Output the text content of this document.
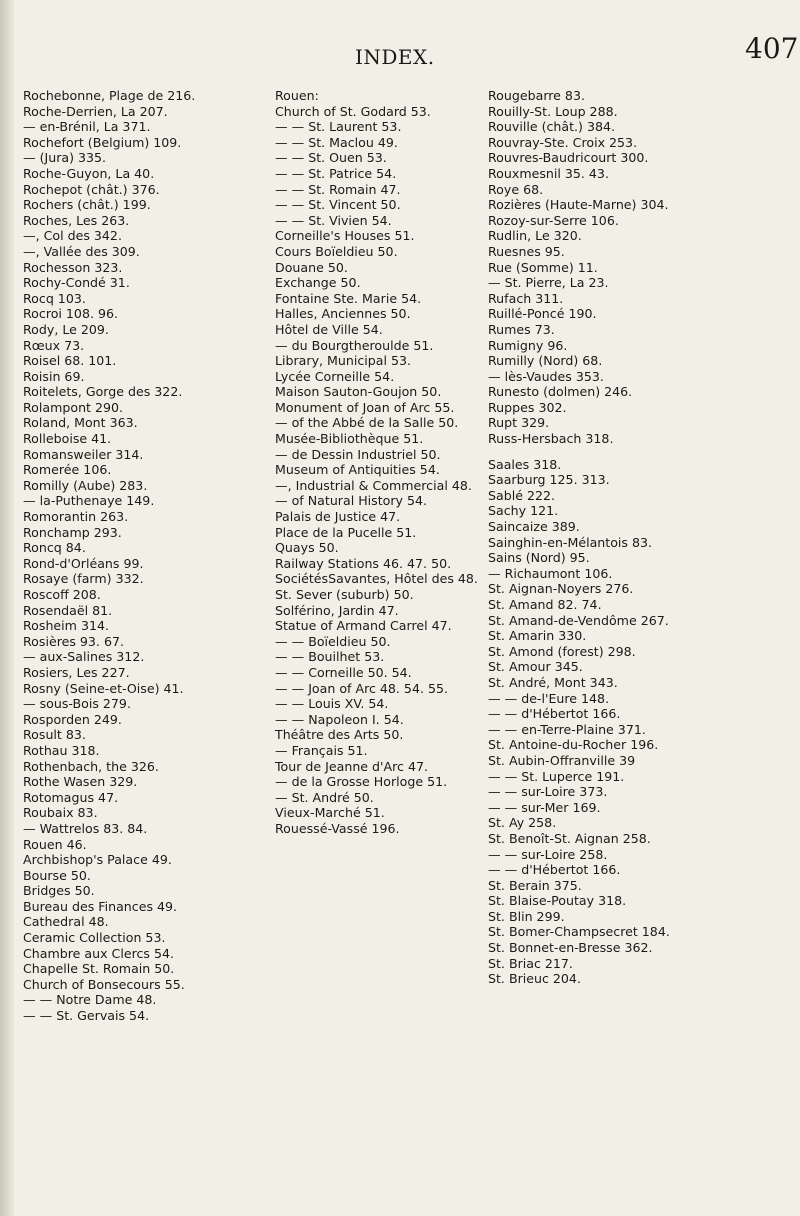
INDEX.	407

Rochebonne, Plage de 216.

Roche-Derrien, La 207.

— en-Brénil, La 371.

Rochefort (Belgium) 109.

— (Jura) 335.

Roche-Guyon, La 40.

Rochepot (chât.) 376.

Rochers (chât.) 199.

Roches, Les 263.

—, Col des 342.

—, Vallée des 309.

Rochesson 323.

Rochy-Condé 31.

Rocq 103.

Rocroi 108. 96.

Rody, Le 209.

Rœux 73.

Roisel 68. 101.

Roisin 69.

Roitelets, Gorge des 322.

Rolampont 290.

Roland, Mont 363.

Rolleboise 41.

Romansweiler 314.

Romerée 106.

Romilly (Aube) 283.

— la-Puthenaye 149.

Romorantin 263.

Ronchamp 293.

Roncq 84.

Rond-d'Orléans 99.

Rosaye (farm) 332.

Roscoff 208.

Rosendaël 81.

Rosheim 314.

Rosières 93. 67.

— aux-Salines 312.

Rosiers, Les 227.

Rosny (Seine-et-Oise) 41.

— sous-Bois 279.

Rosporden 249.

Rosult 83.

Rothau 318.

Rothenbach, the 326.

Rothe Wasen 329.

Rotomagus 47.

Roubaix 83.

— Wattrelos 83. 84.

Rouen 46.

Archbishop's Palace 49.

Bourse 50.

Bridges 50.

Bureau des Finances 49.

Cathedral 48.

Ceramic Collection 53.

Chambre aux Clercs 54.

Chapelle St. Romain 50.

Church of Bonsecours 55.

— — Notre Dame 48.

— — St. Gervais 54.

Rouen:

Church of St. Godard 53.

— — St. Laurent 53.

— — St. Maclou 49.

— — St. Ouen 53.

— — St. Patrice 54.

— — St. Romain 47.

— — St. Vincent 50.

— — St. Vivien 54.

Corneille's Houses 51.

Cours Boïeldieu 50.

Douane 50.

Exchange 50.

Fontaine Ste. Marie 54.

Halles, Anciennes 50.

Hôtel de Ville 54.

— du Bourgtheroulde 51.

Library, Municipal 53.

Lycée Corneille 54.

Maison Sauton-Goujon 50.

Monument of Joan of Arc 55.

— of the Abbé de la Salle 50.

Musée-Bibliothèque 51.

— de Dessin Industriel 50.

Museum of Antiquities 54.

—, Industrial & Commercial 48.

— of Natural History 54.

Palais de Justice 47.

Place de la Pucelle 51.

Quays 50.

Railway Stations 46. 47. 50.

SociétésSavantes, Hôtel des 48.

St. Sever (suburb) 50.

Solférino, Jardin 47.

Statue of Armand Carrel 47.

— — Boïeldieu 50.

— — Bouilhet 53.

— — Corneille 50. 54.

— — Joan of Arc 48. 54. 55.

— — Louis XV. 54.

— — Napoleon I. 54.

Théâtre des Arts 50.

— Français 51.

Tour de Jeanne d'Arc 47.

— de la Grosse Horloge 51.

— St. André 50.

Vieux-Marché 51.

Rouessé-Vassé 196.

Rougebarre 83.

Rouilly-St. Loup 288.

Rouville (chât.) 384.

Rouvray-Ste. Croix 253.

Rouvres-Baudricourt 300.

Rouxmesnil 35. 43.

Roye 68.

Rozières (Haute-Marne) 304.

Rozoy-sur-Serre 106.

Rudlin, Le 320.

Ruesnes 95.

Rue (Somme) 11.

— St. Pierre, La 23.

Rufach 311.

Ruillé-Poncé 190.

Rumes 73.

Rumigny 96.

Rumilly (Nord) 68.

— lès-Vaudes 353.

Runesto (dolmen) 246.

Ruppes 302.

Rupt 329.

Russ-Hersbach 318.

Saales 318.

Saarburg 125. 313.

Sablé 222.

Sachy 121.

Saincaize 389.

Sainghin-en-Mélantois 83.

Sains (Nord) 95.

— Richaumont 106.

St. Aignan-Noyers 276.

St. Amand 82. 74.

St. Amand-de-Vendôme 267.

St. Amarin 330.

St. Amond (forest) 298.

St. Amour 345.

St. André, Mont 343.

— — de-l'Eure 148.

— — d'Hébertot 166.

— — en-Terre-Plaine 371.

St. Antoine-du-Rocher 196.

St. Aubin-Offranville 39

— — St. Luperce 191.

— — sur-Loire 373.

— — sur-Mer 169.

St. Ay 258.

St. Benoît-St. Aignan 258.

— — sur-Loire 258.

— — d'Hébertot 166.

St. Berain 375.

St. Blaise-Poutay 318.

St. Blin 299.

St. Bomer-Champsecret 184.

St. Bonnet-en-Bresse 362.

St. Briac 217.

St. Brieuc 204.
